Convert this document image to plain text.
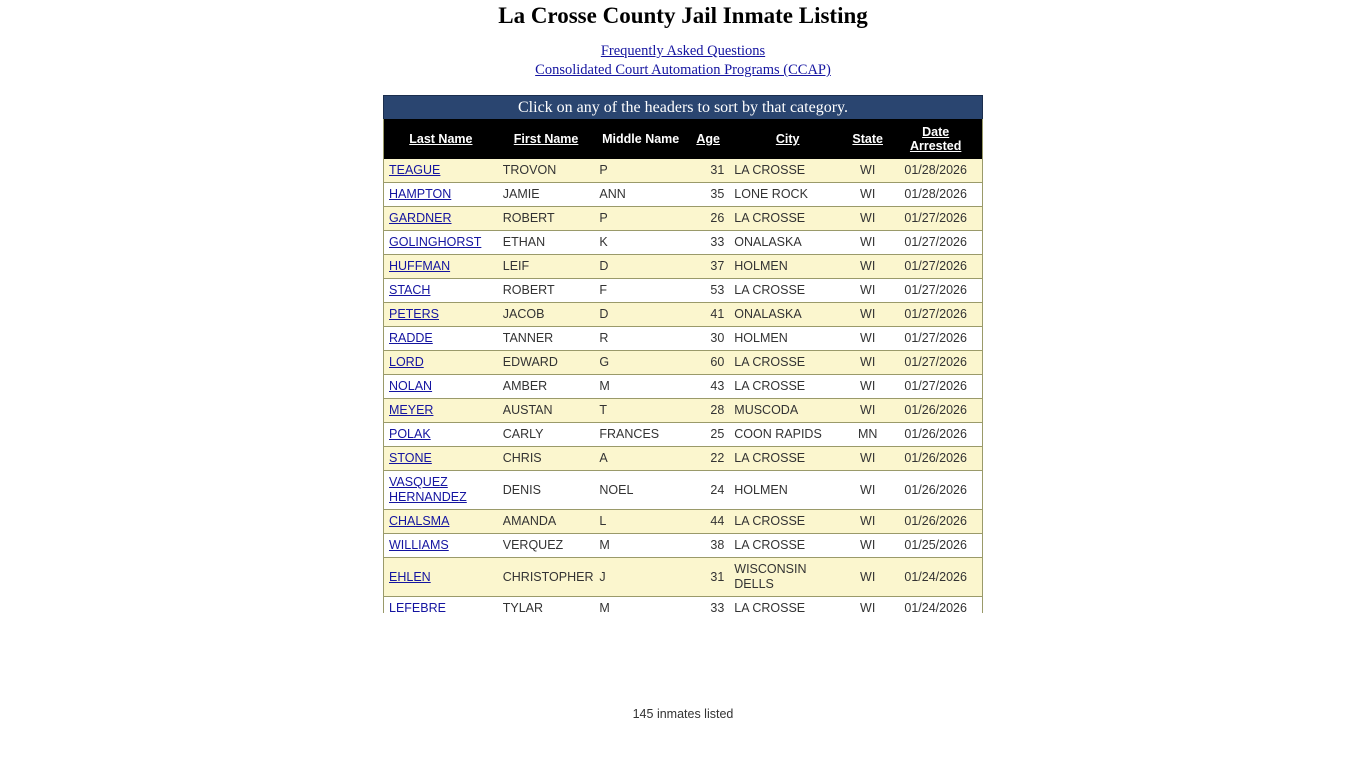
La Crosse County Jail Inmate Listing
Frequently Asked Questions
Consolidated Court Automation Programs (CCAP)
Click on any of the headers to sort by that category.
Last Name	First Name	Middle Name	Age	City	State	Date
Arrested
TEAGUE	TROVON	P	31	LA CROSSE	WI	01/28/2026
HAMPTON	JAMIE	ANN	35	LONE ROCK	WI	01/28/2026
GARDNER	ROBERT	P	26	LA CROSSE	WI	01/27/2026
GOLINGHORST	ETHAN	K	33	ONALASKA	WI	01/27/2026
HUFFMAN	LEIF	D	37	HOLMEN	WI	01/27/2026
STACH	ROBERT	F	53	LA CROSSE	WI	01/27/2026
PETERS	JACOB	D	41	ONALASKA	WI	01/27/2026
RADDE	TANNER	R	30	HOLMEN	WI	01/27/2026
LORD	EDWARD	G	60	LA CROSSE	WI	01/27/2026
NOLAN	AMBER	M	43	LA CROSSE	WI	01/27/2026
MEYER	AUSTAN	T	28	MUSCODA	WI	01/26/2026
POLAK	CARLY	FRANCES	25	COON RAPIDS	MN	01/26/2026
STONE	CHRIS	A	22	LA CROSSE	WI	01/26/2026
VASQUEZ HERNANDEZ	DENIS	NOEL	24	HOLMEN	WI	01/26/2026
CHALSMA	AMANDA	L	44	LA CROSSE	WI	01/26/2026
WILLIAMS	VERQUEZ	M	38	LA CROSSE	WI	01/25/2026
EHLEN	CHRISTOPHER	J	31	WISCONSIN DELLS	WI	01/24/2026
LEFEBRE	TYLAR	M	33	LA CROSSE	WI	01/24/2026
145 inmates listed
